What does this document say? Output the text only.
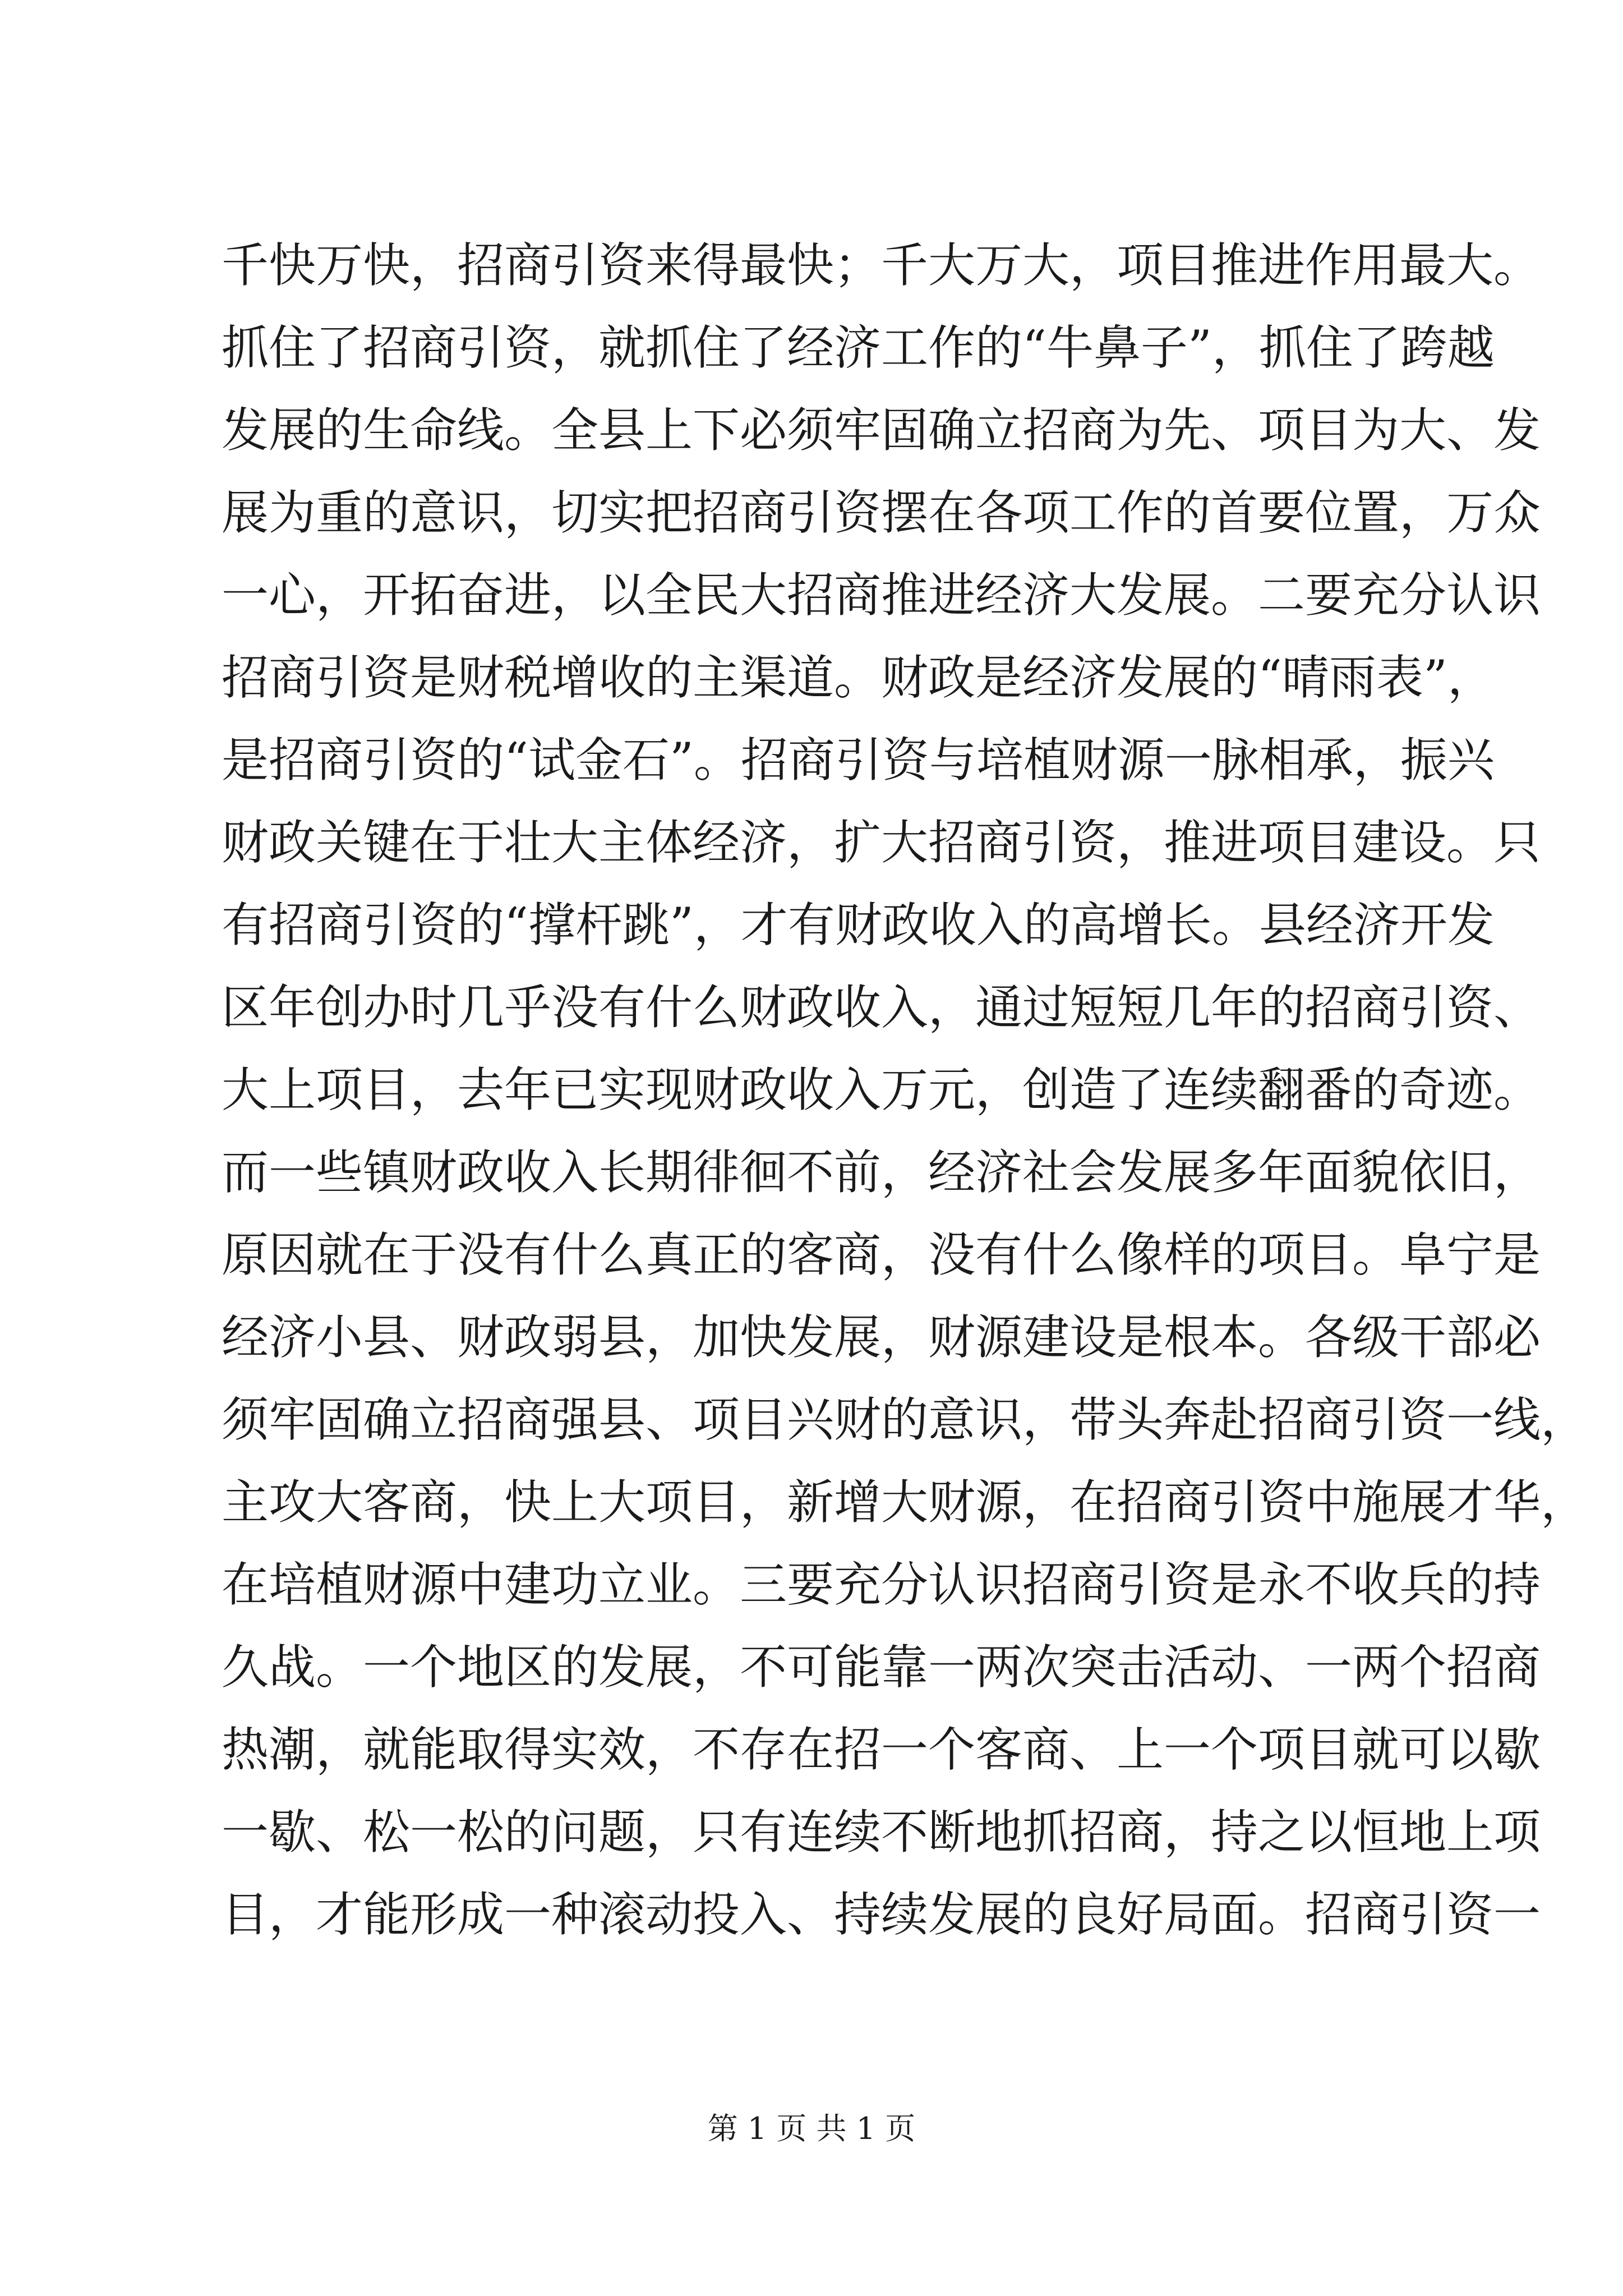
千快万快，招商引资来得最快；千大万大，项目推进作用最大。
抓住了招商引资，就抓住了经济工作的“牛鼻子”，抓住了跨越
发展的生命线。全县上下必须牢固确立招商为先、项目为大、发
展为重的意识，切实把招商引资摆在各项工作的首要位置，万众
一心，开拓奋进，以全民大招商推进经济大发展。二要充分认识
招商引资是财税增收的主渠道。财政是经济发展的“晴雨表”，
是招商引资的“试金石”。招商引资与培植财源一脉相承，振兴
财政关键在于壮大主体经济，扩大招商引资，推进项目建设。只
有招商引资的“撑杆跳”，才有财政收入的高增长。县经济开发
区年创办时几乎没有什么财政收入，通过短短几年的招商引资、
大上项目，去年已实现财政收入万元，创造了连续翻番的奇迹。
而一些镇财政收入长期徘徊不前，经济社会发展多年面貌依旧，
原因就在于没有什么真正的客商，没有什么像样的项目。阜宁是
经济小县、财政弱县，加快发展，财源建设是根本。各级干部必
须牢固确立招商强县、项目兴财的意识，带头奔赴招商引资一线，
主攻大客商，快上大项目，新增大财源，在招商引资中施展才华，
在培植财源中建功立业。三要充分认识招商引资是永不收兵的持
久战。一个地区的发展，不可能靠一两次突击活动、一两个招商
热潮，就能取得实效，不存在招一个客商、上一个项目就可以歇
一歇、松一松的问题，只有连续不断地抓招商，持之以恒地上项
目，才能形成一种滚动投入、持续发展的良好局面。招商引资一
第 1 页 共 1 页
